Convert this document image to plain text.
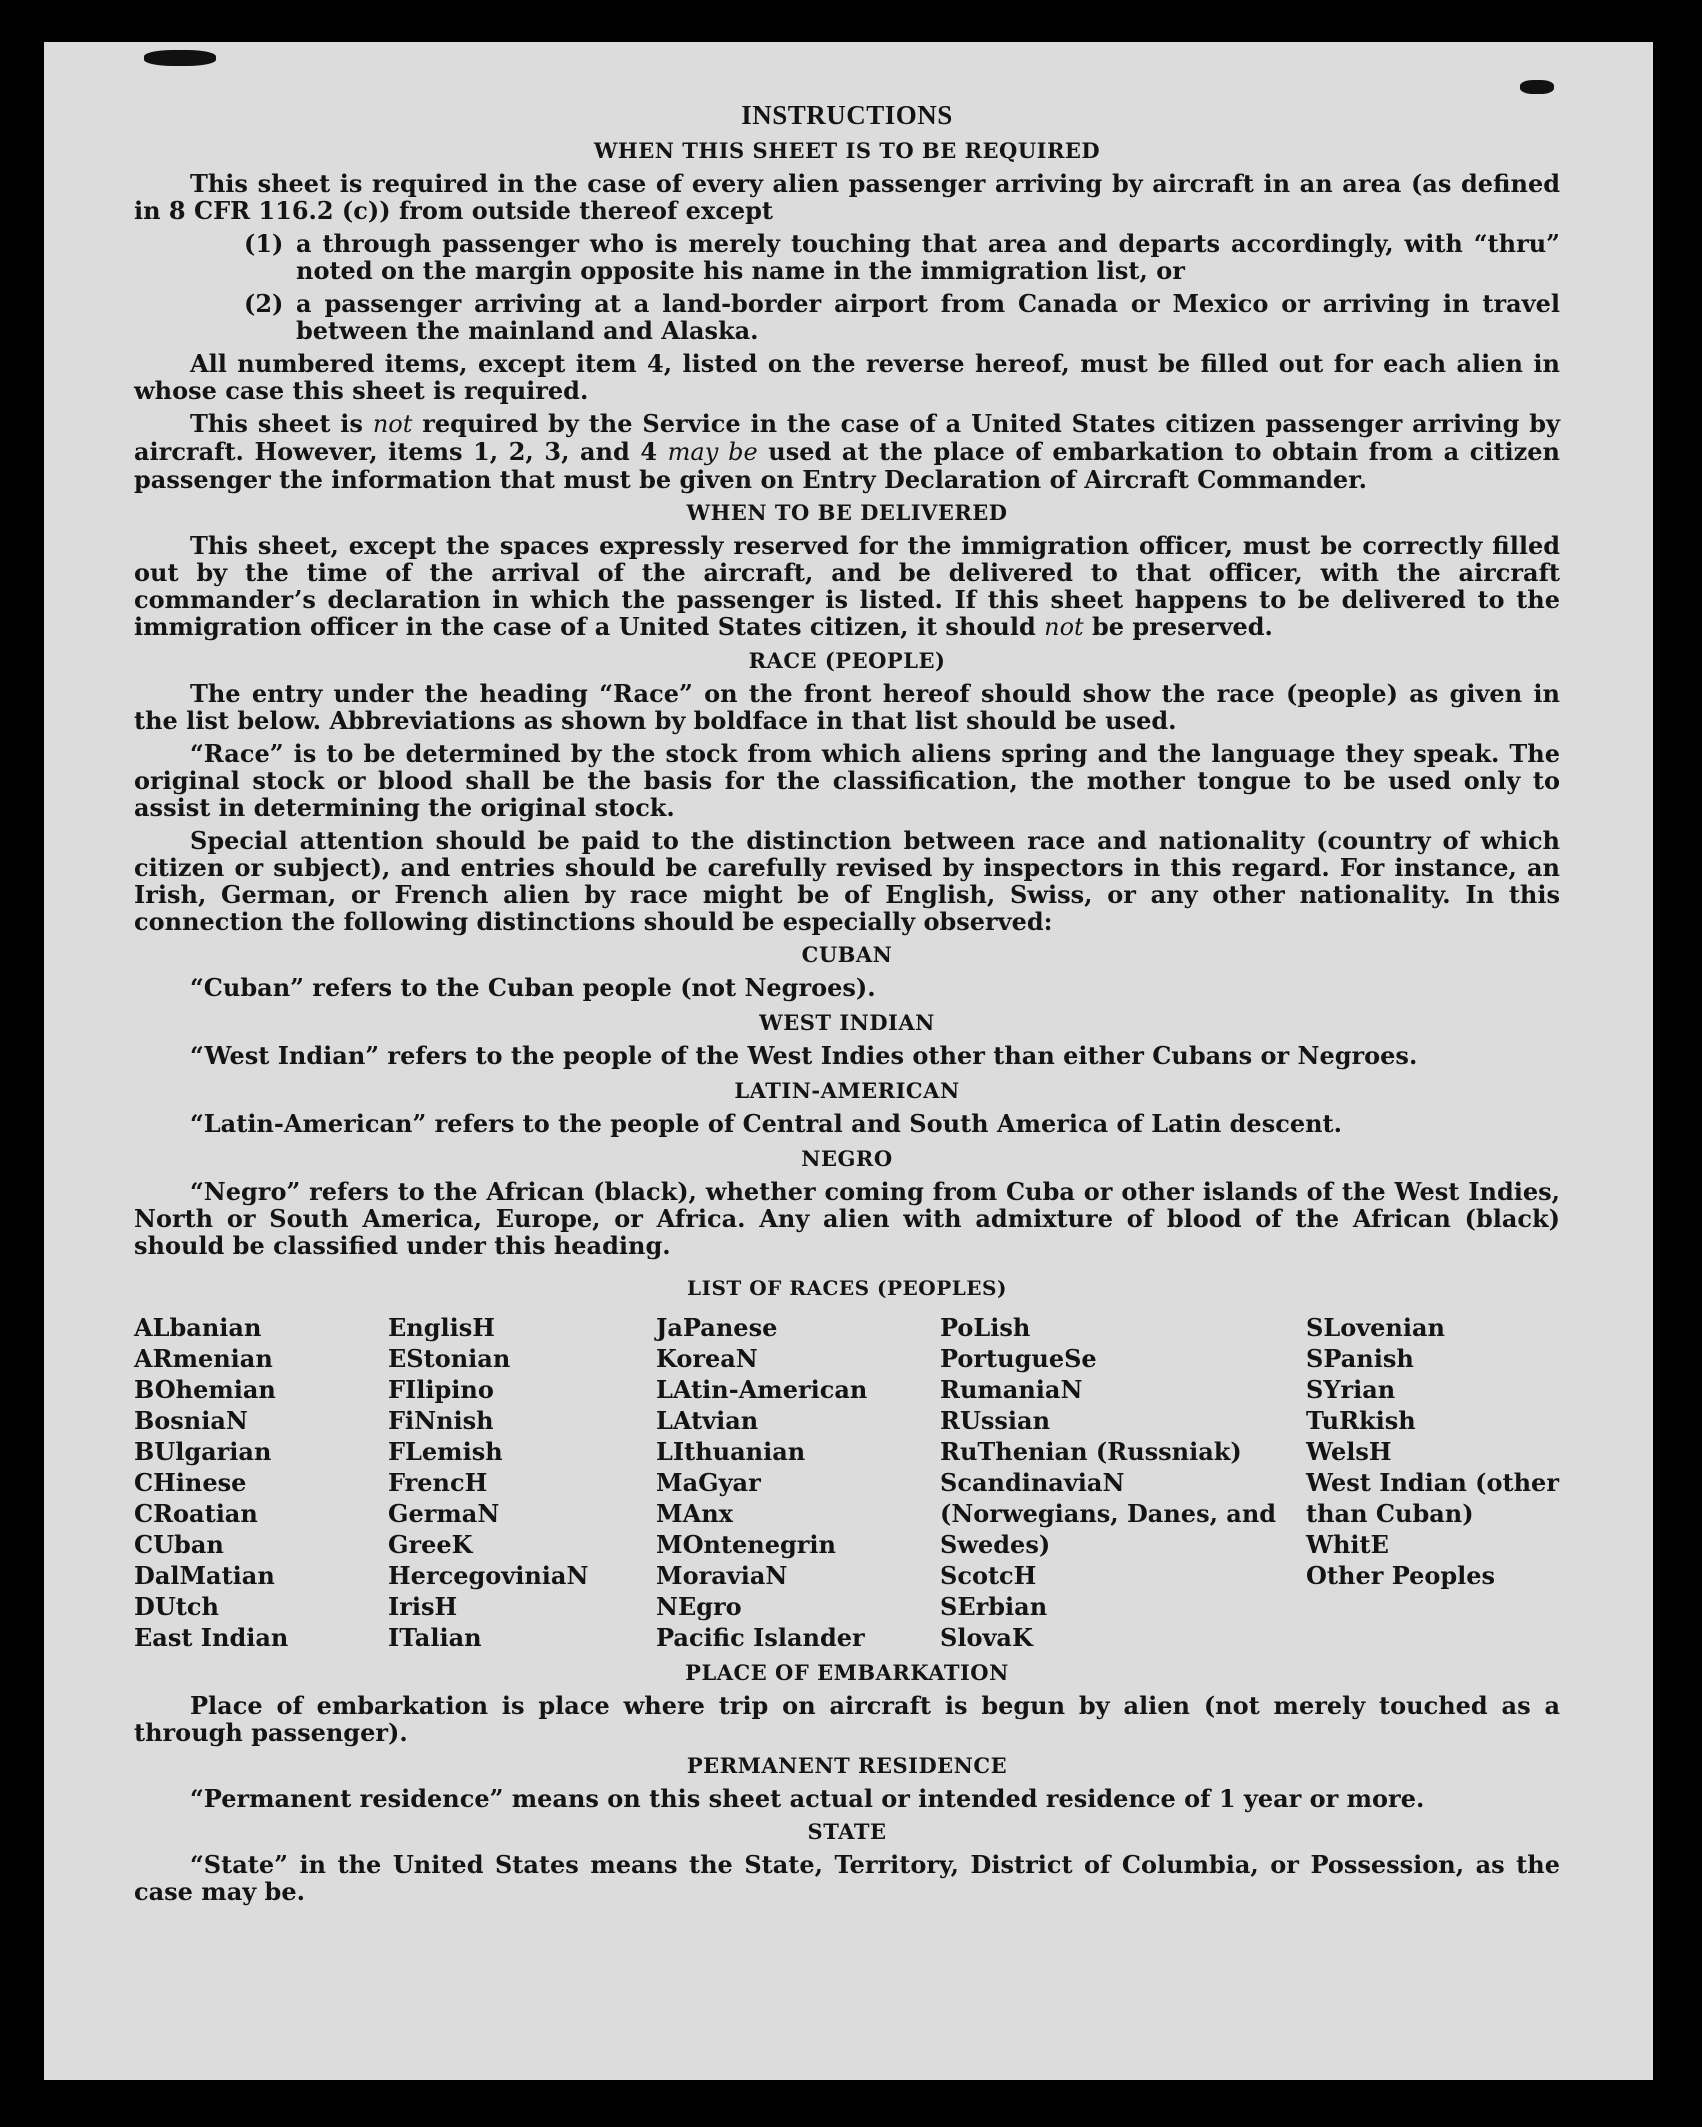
INSTRUCTIONS
WHEN THIS SHEET IS TO BE REQUIRED

This sheet is required in the case of every alien passenger arriving by aircraft in an area (as defined in 8 CFR 116.2 (c)) from outside thereof except

(1) a through passenger who is merely touching that area and departs accordingly, with “thru” noted on the margin opposite his name in the immigration list, or
(2) a passenger arriving at a land-border airport from Canada or Mexico or arriving in travel between the mainland and Alaska.

All numbered items, except item 4, listed on the reverse hereof, must be filled out for each alien in whose case this sheet is required.

This sheet is not required by the Service in the case of a United States citizen passenger arriving by aircraft. However, items 1, 2, 3, and 4 may be used at the place of embarkation to obtain from a citizen passenger the information that must be given on Entry Declaration of Aircraft Commander.

WHEN TO BE DELIVERED

This sheet, except the spaces expressly reserved for the immigration officer, must be correctly filled out by the time of the arrival of the aircraft, and be delivered to that officer, with the aircraft commander’s declaration in which the passenger is listed. If this sheet happens to be delivered to the immigration officer in the case of a United States citizen, it should not be preserved.

RACE (PEOPLE)

The entry under the heading “Race” on the front hereof should show the race (people) as given in the list below. Abbreviations as shown by boldface in that list should be used.

“Race” is to be determined by the stock from which aliens spring and the language they speak. The original stock or blood shall be the basis for the classification, the mother tongue to be used only to assist in determining the original stock.

Special attention should be paid to the distinction between race and nationality (country of which citizen or subject), and entries should be carefully revised by inspectors in this regard. For instance, an Irish, German, or French alien by race might be of English, Swiss, or any other nationality. In this connection the following distinctions should be especially observed:

CUBAN
“Cuban” refers to the Cuban people (not Negroes).
WEST INDIAN
“West Indian” refers to the people of the West Indies other than either Cubans or Negroes.
LATIN-AMERICAN
“Latin-American” refers to the people of Central and South America of Latin descent.
NEGRO

“Negro” refers to the African (black), whether coming from Cuba or other islands of the West Indies, North or South America, Europe, or Africa. Any alien with admixture of blood of the African (black) should be classified under this heading.

LIST OF RACES (PEOPLES)
ALbanian
ARmenian
BOhemian
BosniaN
BUlgarian
CHinese
CRoatian
CUban
DalMatian
DUtch
East Indian
EnglisH
EStonian
FIlipino
FiNnish
FLemish
FrencH
GermaN
GreeK
HercegoviniaN
IrisH
ITalian
JaPanese
KoreaN
LAtin-American
LAtvian
LIthuanian
MaGyar
MAnx
MOntenegrin
MoraviaN
NEgro
Pacific Islander
PoLish
PortugueSe
RumaniaN
RUssian
RuThenian (Russniak)
ScandinaviaN (Norwegians, Danes, and Swedes)
ScotcH
SErbian
SlovaK
SLovenian
SPanish
SYrian
TuRkish
WelsH
West Indian (other than Cuban)
WhitE
Other Peoples
PLACE OF EMBARKATION

Place of embarkation is place where trip on aircraft is begun by alien (not merely touched as a through passenger).

PERMANENT RESIDENCE

“Permanent residence” means on this sheet actual or intended residence of 1 year or more.

STATE

“State” in the United States means the State, Territory, District of Columbia, or Possession, as the case may be.
